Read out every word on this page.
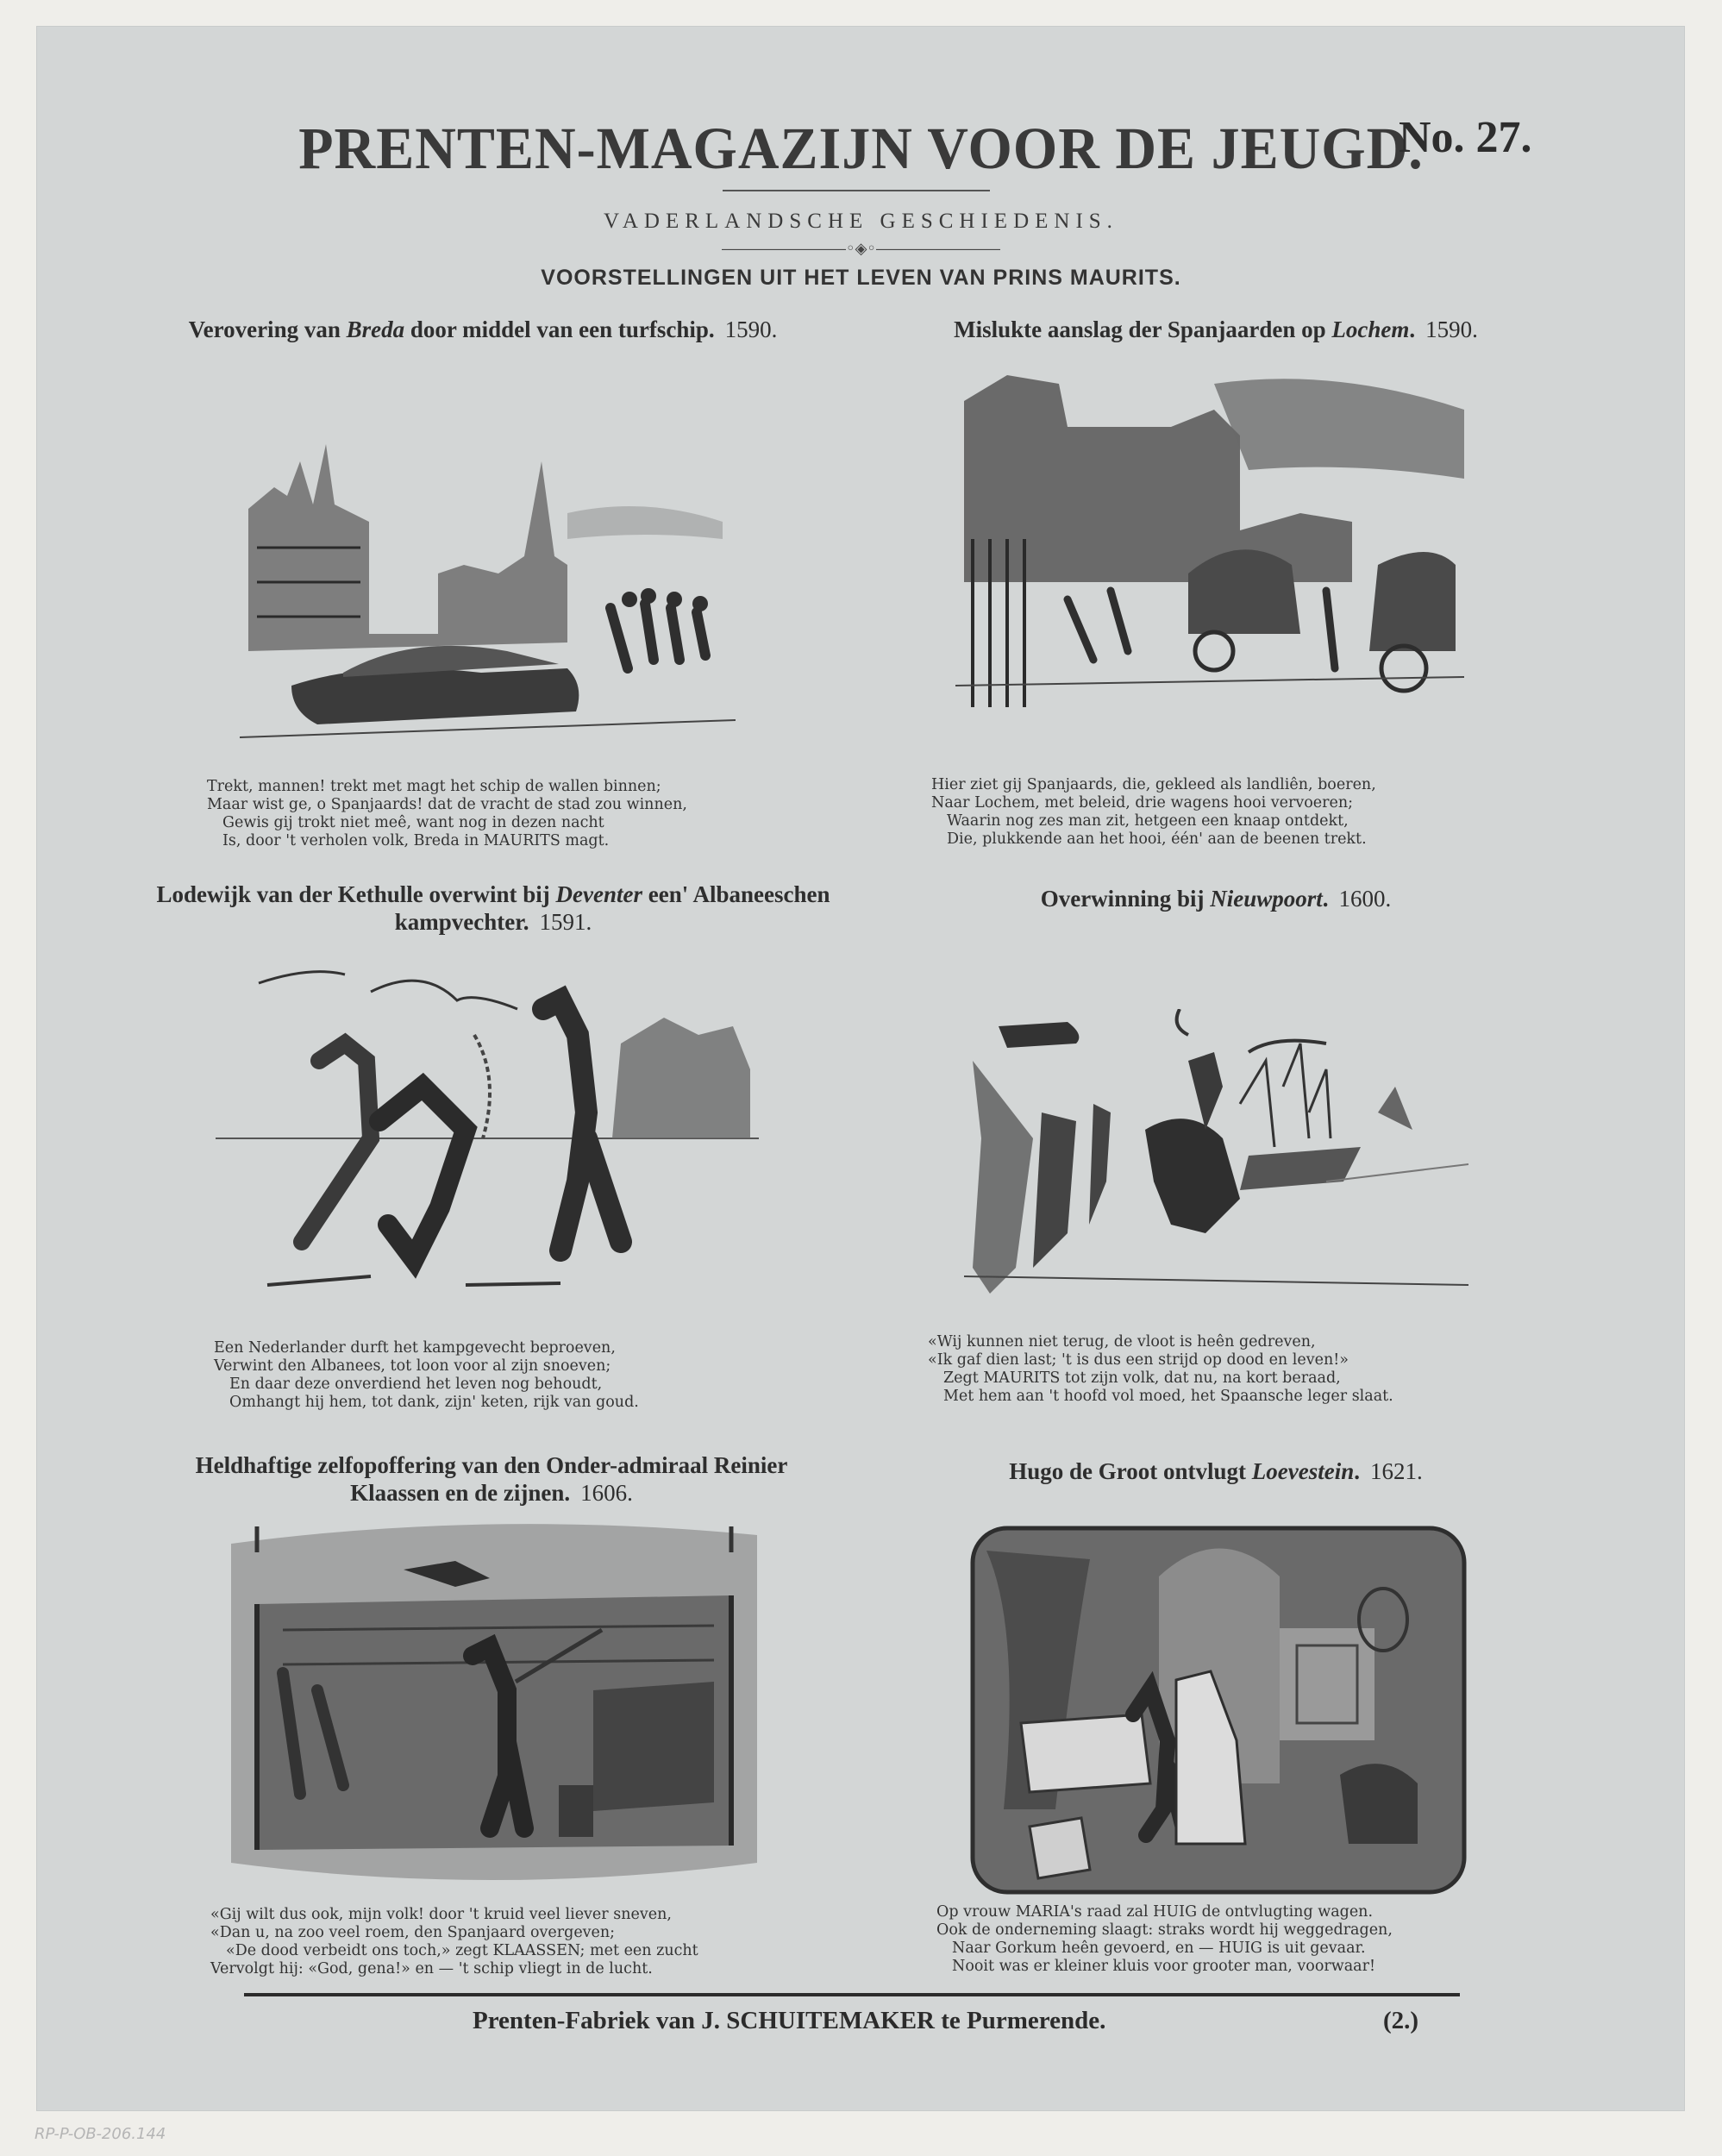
PRENTEN-MAGAZIJN VOOR DE JEUGD.
No. 27.
VADERLANDSCHE GESCHIEDENIS.
――――――――◦◈◦――――――――
VOORSTELLINGEN UIT HET LEVEN VAN PRINS MAURITS.
Verovering van Breda door middel van een turfschip. 1590.
Trekt, mannen! trekt met magt het schip de wallen binnen;
Maar wist ge, o Spanjaards! dat de vracht de stad zou winnen,
Gewis gij trokt niet meê, want nog in dezen nacht
Is, door 't verholen volk, Breda in MAURITS magt.
Mislukte aanslag der Spanjaarden op Lochem. 1590.
Hier ziet gij Spanjaards, die, gekleed als landliên, boeren,
Naar Lochem, met beleid, drie wagens hooi vervoeren;
Waarin nog zes man zit, hetgeen een knaap ontdekt,
Die, plukkende aan het hooi, één' aan de beenen trekt.
Lodewijk van der Kethulle overwint bij Deventer een' Albaneeschen kampvechter. 1591.
Een Nederlander durft het kampgevecht beproeven,
Verwint den Albanees, tot loon voor al zijn snoeven;
En daar deze onverdiend het leven nog behoudt,
Omhangt hij hem, tot dank, zijn' keten, rijk van goud.
Overwinning bij Nieuwpoort. 1600.
«Wij kunnen niet terug, de vloot is heên gedreven,
«Ik gaf dien last; 't is dus een strijd op dood en leven!»
Zegt MAURITS tot zijn volk, dat nu, na kort beraad,
Met hem aan 't hoofd vol moed, het Spaansche leger slaat.
Heldhaftige zelfopoffering van den Onder-admiraal Reinier Klaassen en de zijnen. 1606.
«Gij wilt dus ook, mijn volk! door 't kruid veel liever sneven,
«Dan u, na zoo veel roem, den Spanjaard overgeven;
«De dood verbeidt ons toch,» zegt KLAASSEN; met een zucht
Vervolgt hij: «God, gena!» en — 't schip vliegt in de lucht.
Hugo de Groot ontvlugt Loevestein. 1621.
Op vrouw MARIA's raad zal HUIG de ontvlugting wagen.
Ook de onderneming slaagt: straks wordt hij weggedragen,
Naar Gorkum heên gevoerd, en — HUIG is uit gevaar.
Nooit was er kleiner kluis voor grooter man, voorwaar!
Prenten-Fabriek van J. SCHUITEMAKER te Purmerende.	(2.)
RP-P-OB-206.144
